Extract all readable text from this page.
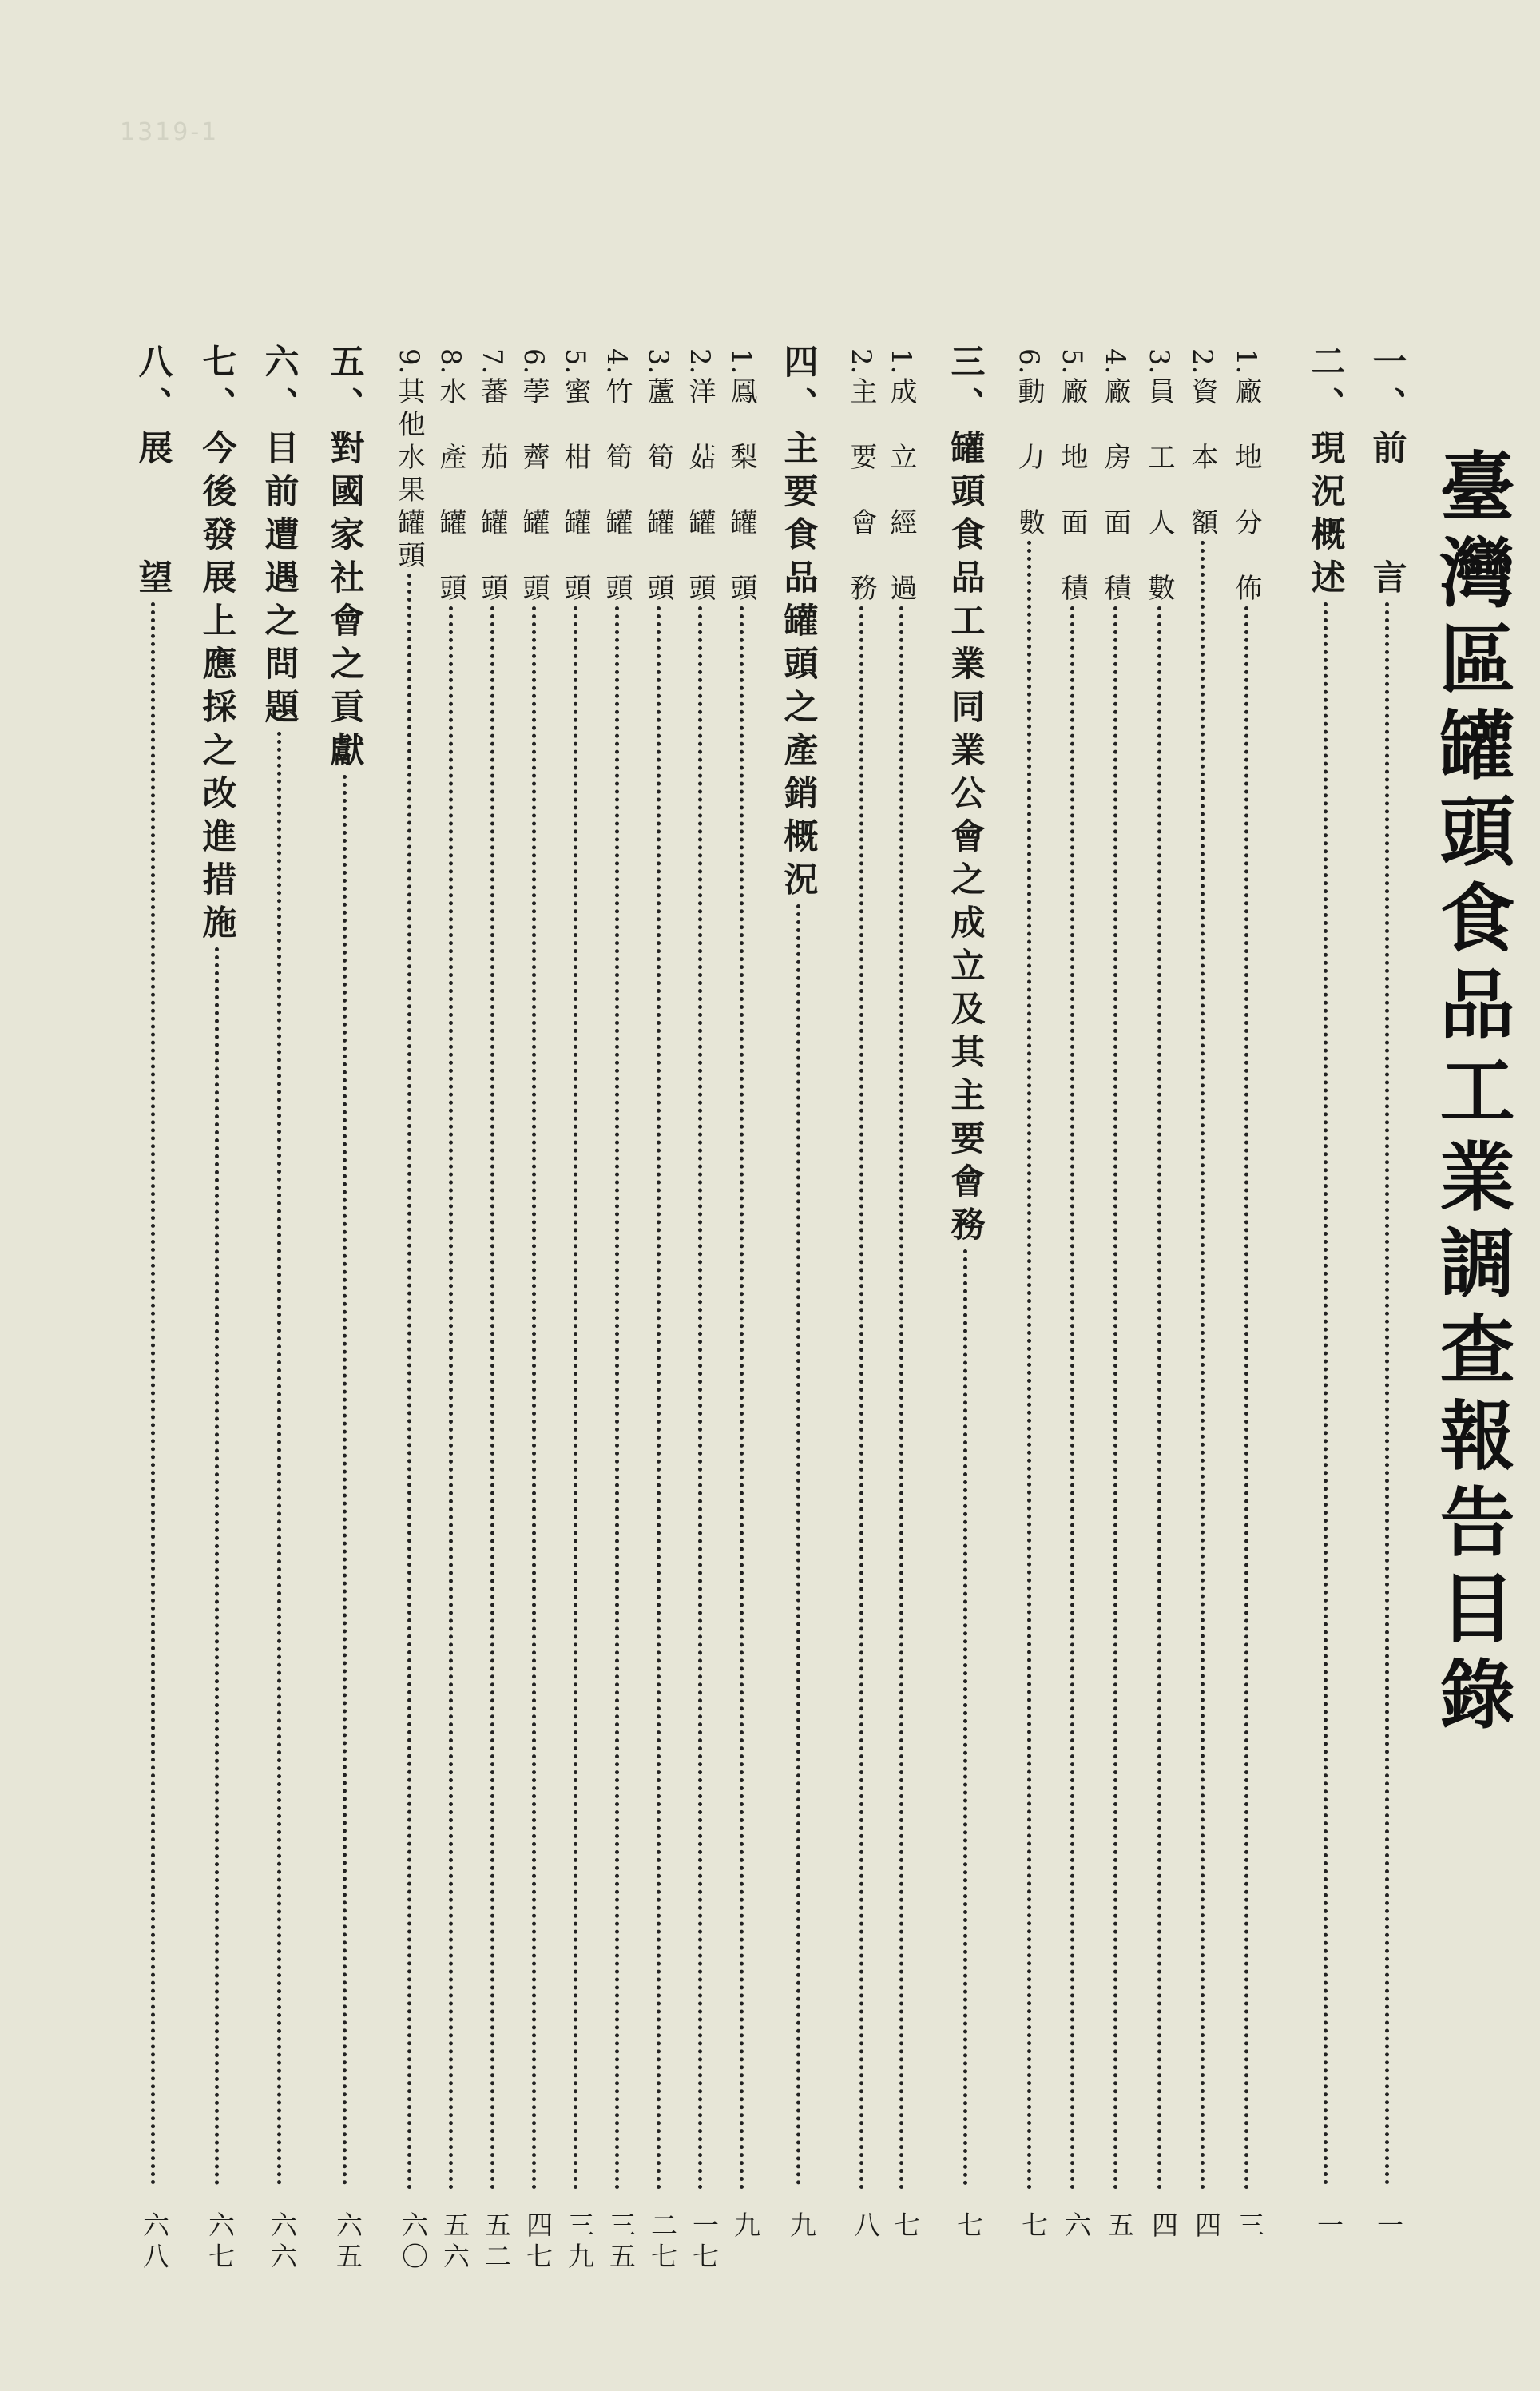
1319-1
臺灣區罐頭食品工業調查報告目錄
一、前　　言
二、現況概述
1.
廠　地　分　佈
2.
資　本　額
3.
員　工　人　數
4.
廠　房　面　積
5.
廠　地　面　積
6.
動　力　數
三、罐頭食品工業同業公會之成立及其主要會務
1.
成　立　經　過
2.
主　要　會　務
四、主要食品罐頭之產銷概況
1.
鳳　梨　罐　頭
2.
洋　菇　罐　頭
3.
蘆　筍　罐　頭
4.
竹　筍　罐　頭
5.
蜜　柑　罐　頭
6.
荸　薺　罐　頭
7.
蕃　茄　罐　頭
8.
水　產　罐　頭
9.
其他水果罐頭
五、對國家社會之貢獻
六、目前遭遇之問題
七、今後發展上應採之改進措施
八、展　　望
一
一
三
四
四
五
六
七
七
七
八
九
九
一七
二七
三五
三九
四七
五二
五六
六〇
六五
六六
六七
六八
